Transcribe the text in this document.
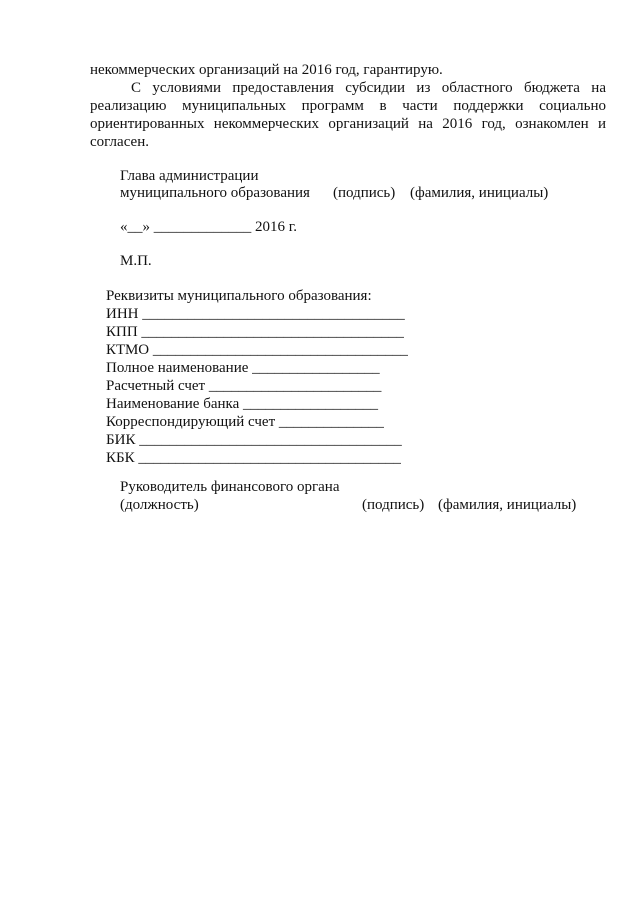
некоммерческих организаций на 2016 год, гарантирую.
С условиями предоставления субсидии из областного бюджета на
реализацию муниципальных программ в части поддержки социально
ориентированных некоммерческих организаций на 2016 год, ознакомлен и
согласен.
Глава администрации
муниципального образования (подпись) (фамилия, инициалы)
«__» _____________ 2016 г.
М.П.
Реквизиты муниципального образования:
ИНН ___________________________________
КПП ___________________________________
КТМО __________________________________
Полное наименование _________________
Расчетный счет _______________________
Наименование банка __________________
Корреспондирующий счет ______________
БИК ___________________________________
КБК ___________________________________
Руководитель финансового органа
(должность)	(подпись) (фамилия, инициалы)
